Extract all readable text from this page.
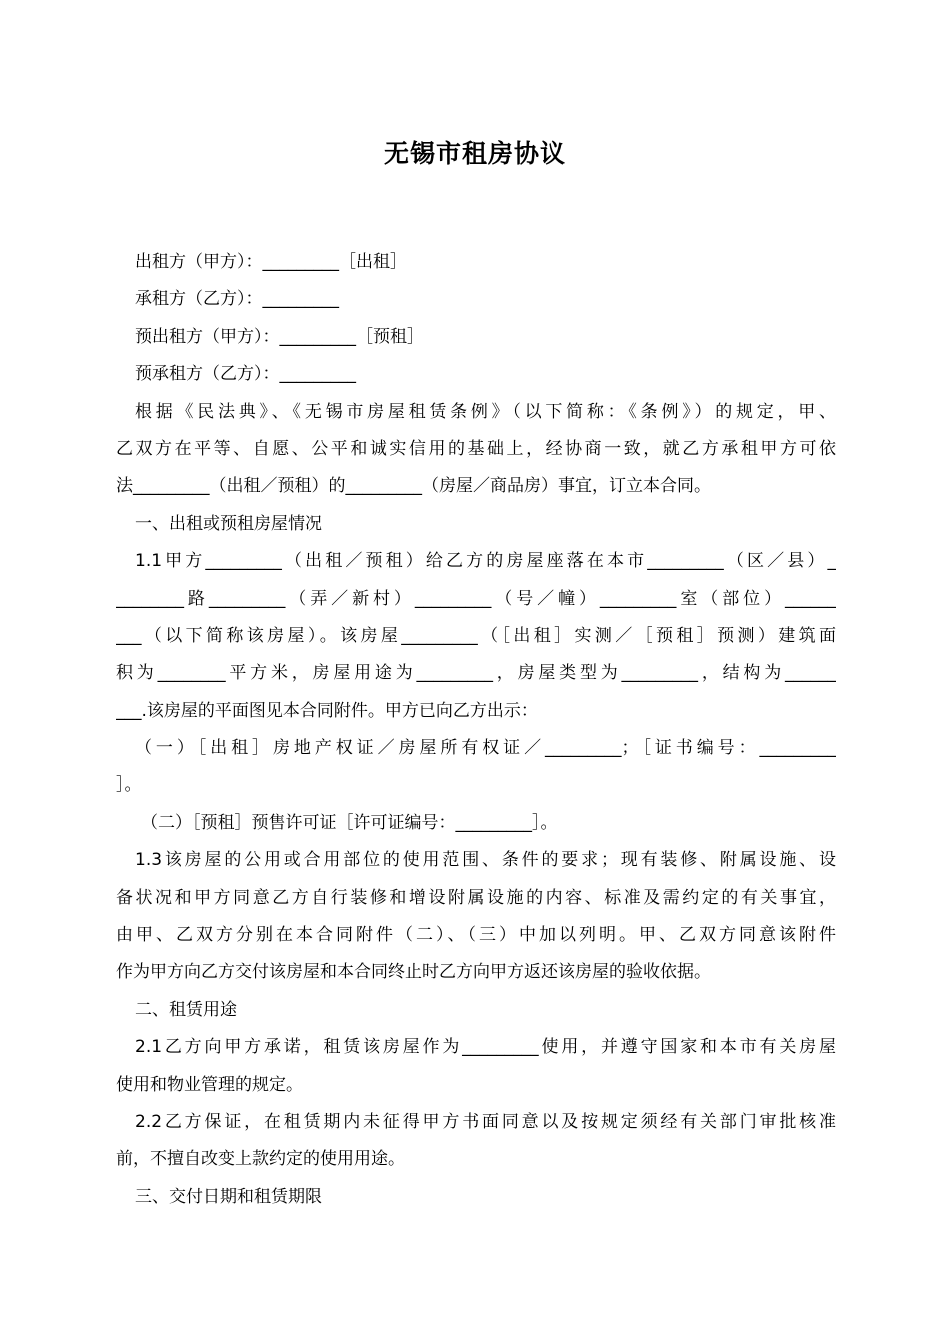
无锡市租房协议

出租方（甲方）：_________［出租］

承租方（乙方）：_________

预出租方（甲方）：_________［预租］

预承租方（乙方）：_________

根据《民法典》、《无锡市房屋租赁条例》（以下简称：《条例》）的规定，甲、

乙双方在平等、自愿、公平和诚实信用的基础上，经协商一致，就乙方承租甲方可依

法_________（出租／预租）的_________（房屋／商品房）事宜，订立本合同。

一、出租或预租房屋情况

1.1甲方_________（出租／预租）给乙方的房屋座落在本市_________（区／县）_

________路_________（弄／新村）_________（号／幢）_________室（部位）______

___（以下简称该房屋）。该房屋_________（［出租］实测／［预租］预测）建筑面

积为________平方米，房屋用途为_________，房屋类型为_________，结构为______

___.该房屋的平面图见本合同附件。甲方已向乙方出示：

（一）［出租］房地产权证／房屋所有权证／_________；［证书编号：_________

］。

（二）［预租］预售许可证［许可证编号：_________］。

1.3该房屋的公用或合用部位的使用范围、条件的要求；现有装修、附属设施、设

备状况和甲方同意乙方自行装修和增设附属设施的内容、标准及需约定的有关事宜，

由甲、乙双方分别在本合同附件（二）、（三）中加以列明。甲、乙双方同意该附件

作为甲方向乙方交付该房屋和本合同终止时乙方向甲方返还该房屋的验收依据。

二、租赁用途

2.1乙方向甲方承诺，租赁该房屋作为_________使用，并遵守国家和本市有关房屋

使用和物业管理的规定。

2.2乙方保证，在租赁期内未征得甲方书面同意以及按规定须经有关部门审批核准

前，不擅自改变上款约定的使用用途。

三、交付日期和租赁期限
